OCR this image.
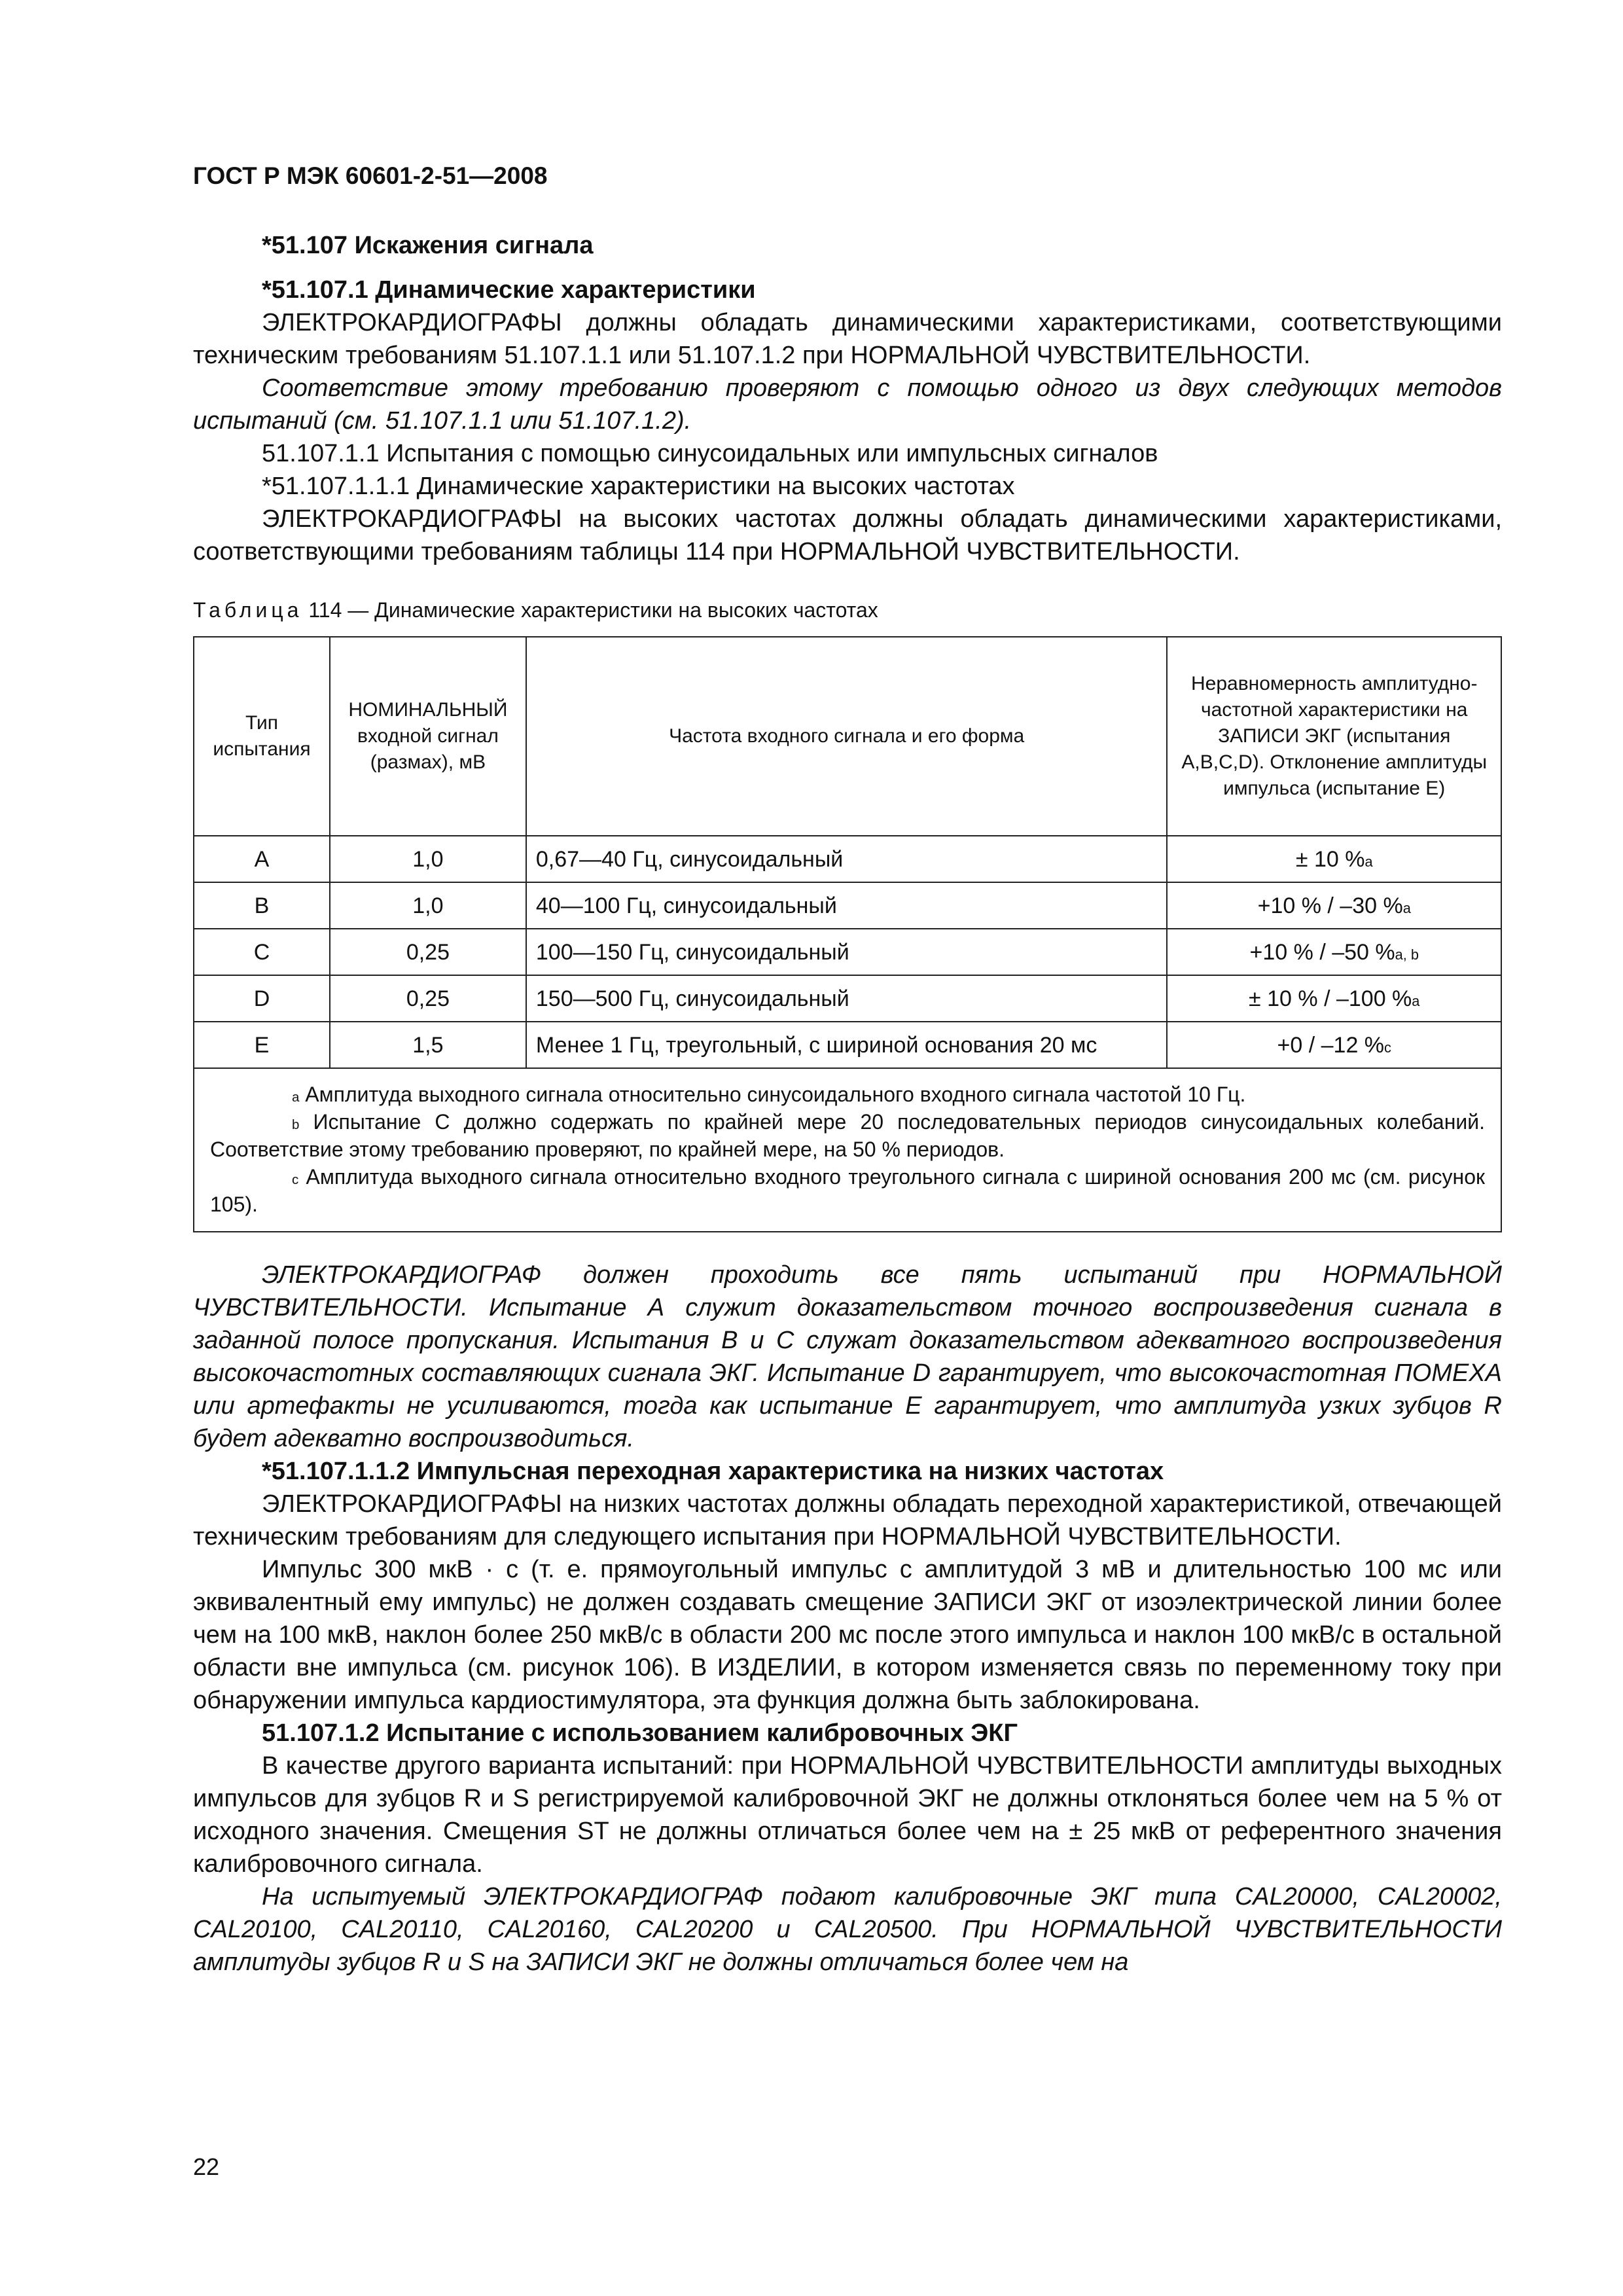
ГОСТ Р МЭК 60601-2-51—2008

*51.107 Искажения сигнала

*51.107.1 Динамические характеристики

ЭЛЕКТРОКАРДИОГРАФЫ должны обладать динамическими характеристиками, соответствующими техническим требованиям 51.107.1.1 или 51.107.1.2 при НОРМАЛЬНОЙ ЧУВСТВИТЕЛЬНОСТИ.

Соответствие этому требованию проверяют с помощью одного из двух следующих методов испытаний (см. 51.107.1.1 или 51.107.1.2).

51.107.1.1 Испытания с помощью синусоидальных или импульсных сигналов

*51.107.1.1.1 Динамические характеристики на высоких частотах

ЭЛЕКТРОКАРДИОГРАФЫ на высоких частотах должны обладать динамическими характеристиками, соответствующими требованиям таблицы 114 при НОРМАЛЬНОЙ ЧУВСТВИТЕЛЬНОСТИ.

Таблица 114 — Динамические характеристики на высоких частотах
Тип испытания	НОМИНАЛЬНЫЙ входной сигнал (размах), мВ	Частота входного сигнала и его форма	Неравномерность амплитудно-частотной характеристики на ЗАПИСИ ЭКГ (испытания А,В,С,D). Отклонение амплитуды импульса (испытание Е)
A	1,0	0,67—40 Гц, синусоидальный	± 10 %$^a$
B	1,0	40—100 Гц, синусоидальный	+10 % / –30 %$^a$
C	0,25	100—150 Гц, синусоидальный	+10 % / –50 %$^{a, b}$
D	0,25	150—500 Гц, синусоидальный	± 10 % / –100 %$^a$
E	1,5	Менее 1 Гц, треугольный, с шириной основания 20 мс	+0 / –12 %$^c$

$^a$ Амплитуда выходного сигнала относительно синусоидального входного сигнала частотой 10 Гц.

$^b$ Испытание С должно содержать по крайней мере 20 последовательных периодов синусоидальных колебаний. Соответствие этому требованию проверяют, по крайней мере, на 50 % периодов.

$^c$ Амплитуда выходного сигнала относительно входного треугольного сигнала с шириной основания 200 мс (см. рисунок 105).			

ЭЛЕКТРОКАРДИОГРАФ должен проходить все пять испытаний при НОРМАЛЬНОЙ ЧУВСТВИТЕЛЬНОСТИ. Испытание А служит доказательством точного воспроизведения сигнала в заданной полосе пропускания. Испытания В и С служат доказательством адекватного воспроизведения высокочастотных составляющих сигнала ЭКГ. Испытание D гарантирует, что высокочастотная ПОМЕХА или артефакты не усиливаются, тогда как испытание Е гарантирует, что амплитуда узких зубцов R будет адекватно воспроизводиться.

*51.107.1.1.2 Импульсная переходная характеристика на низких частотах

ЭЛЕКТРОКАРДИОГРАФЫ на низких частотах должны обладать переходной характеристикой, отвечающей техническим требованиям для следующего испытания при НОРМАЛЬНОЙ ЧУВСТВИТЕЛЬНОСТИ.

Импульс 300 мкВ · с (т. е. прямоугольный импульс с амплитудой 3 мВ и длительностью 100 мс или эквивалентный ему импульс) не должен создавать смещение ЗАПИСИ ЭКГ от изоэлектрической линии более чем на 100 мкВ, наклон более 250 мкВ/с в области 200 мс после этого импульса и наклон 100 мкВ/с в остальной области вне импульса (см. рисунок 106). В ИЗДЕЛИИ, в котором изменяется связь по переменному току при обнаружении импульса кардиостимулятора, эта функция должна быть заблокирована.

51.107.1.2 Испытание с использованием калибровочных ЭКГ

В качестве другого варианта испытаний: при НОРМАЛЬНОЙ ЧУВСТВИТЕЛЬНОСТИ амплитуды выходных импульсов для зубцов R и S регистрируемой калибровочной ЭКГ не должны отклоняться более чем на 5 % от исходного значения. Смещения ST не должны отличаться более чем на ± 25 мкВ от референтного значения калибровочного сигнала.

На испытуемый ЭЛЕКТРОКАРДИОГРАФ подают калибровочные ЭКГ типа CAL20000, CAL20002, CAL20100, CAL20110, CAL20160, CAL20200 и CAL20500. При НОРМАЛЬНОЙ ЧУВСТВИТЕЛЬНОСТИ амплитуды зубцов R и S на ЗАПИСИ ЭКГ не должны отличаться более чем на

22
